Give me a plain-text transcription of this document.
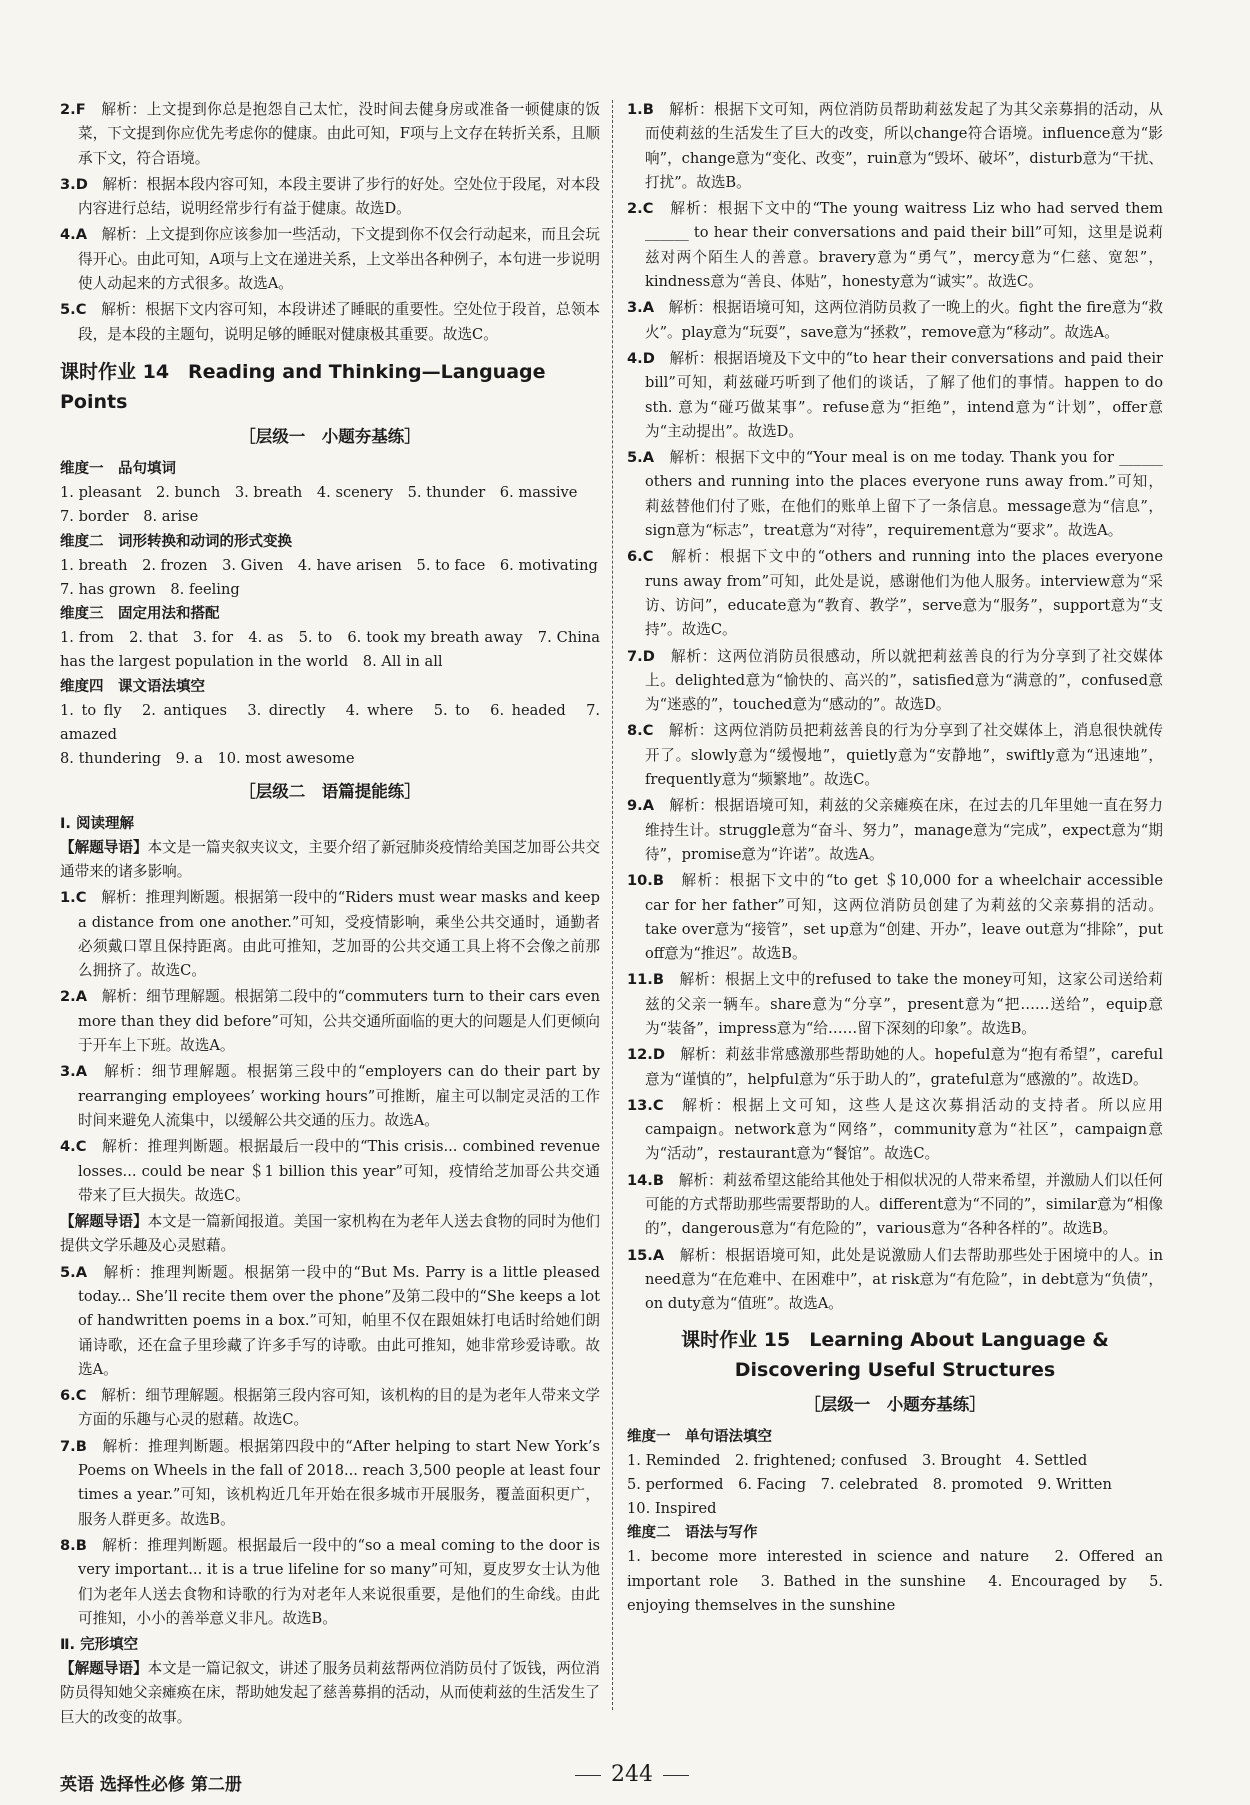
2.F　 解析：上文提到你总是抱怨自己太忙，没时间去健身房或准备一顿健康的饭菜，下文提到你应优先考虑你的健康。由此可知，F项与上文存在转折关系，且顺承下文，符合语境。
3.D　 解析：根据本段内容可知，本段主要讲了步行的好处。空处位于段尾，对本段内容进行总结，说明经常步行有益于健康。故选D。
4.A　 解析：上文提到你应该参加一些活动，下文提到你不仅会行动起来，而且会玩得开心。由此可知，A项与上文在递进关系，上文举出各种例子，本句进一步说明使人动起来的方式很多。故选A。
5.C　 解析：根据下文内容可知，本段讲述了睡眠的重要性。空处位于段首，总领本段，是本段的主题句，说明足够的睡眠对健康极其重要。故选C。
课时作业 14　Reading and Thinking—Language Points
［层级一　小题夯基练］
维度一　品句填词
1. pleasant　2. bunch　3. breath　4. scenery　5. thunder　6. massive
7. border　8. arise
维度二　词形转换和动词的形式变换
1. breath　2. frozen　3. Given　4. have arisen　5. to face　6. motivating
7. has grown　8. feeling
维度三　固定用法和搭配
1. from　2. that　3. for　4. as　5. to　6. took my breath away　7. China has the largest population in the world　8. All in all
维度四　课文语法填空
1. to fly　2. antiques　3. directly　4. where　5. to　6. headed　7. amazed
8. thundering　9. a　10. most awesome
［层级二　语篇提能练］
Ⅰ. 阅读理解
【解题导语】本文是一篇夹叙夹议文，主要介绍了新冠肺炎疫情给美国芝加哥公共交通带来的诸多影响。
1.C　 解析：推理判断题。根据第一段中的“Riders must wear masks and keep a distance from one another.”可知，受疫情影响，乘坐公共交通时，通勤者必须戴口罩且保持距离。由此可推知，芝加哥的公共交通工具上将不会像之前那么拥挤了。故选C。
2.A　 解析：细节理解题。根据第二段中的“commuters turn to their cars even more than they did before”可知，公共交通所面临的更大的问题是人们更倾向于开车上下班。故选A。
3.A　 解析：细节理解题。根据第三段中的“employers can do their part by rearranging employees’ working hours”可推断，雇主可以制定灵活的工作时间来避免人流集中，以缓解公共交通的压力。故选A。
4.C　 解析：推理判断题。根据最后一段中的“This crisis... combined revenue losses... could be near ＄1 billion this year”可知，疫情给芝加哥公共交通带来了巨大损失。故选C。
【解题导语】本文是一篇新闻报道。美国一家机构在为老年人送去食物的同时为他们提供文学乐趣及心灵慰藉。
5.A　 解析：推理判断题。根据第一段中的“But Ms. Parry is a little pleased today... She’ll recite them over the phone”及第二段中的“She keeps a lot of handwritten poems in a box.”可知，帕里不仅在跟姐妹打电话时给她们朗诵诗歌，还在盒子里珍藏了许多手写的诗歌。由此可推知，她非常珍爱诗歌。故选A。
6.C　 解析：细节理解题。根据第三段内容可知，该机构的目的是为老年人带来文学方面的乐趣与心灵的慰藉。故选C。
7.B　 解析：推理判断题。根据第四段中的“After helping to start New York’s Poems on Wheels in the fall of 2018... reach 3,500 people at least four times a year.”可知，该机构近几年开始在很多城市开展服务，覆盖面积更广，服务人群更多。故选B。
8.B　 解析：推理判断题。根据最后一段中的“so a meal coming to the door is very important... it is a true lifeline for so many”可知，夏皮罗女士认为他们为老年人送去食物和诗歌的行为对老年人来说很重要，是他们的生命线。由此可推知，小小的善举意义非凡。故选B。
Ⅱ. 完形填空
【解题导语】本文是一篇记叙文，讲述了服务员莉兹帮两位消防员付了饭钱，两位消防员得知她父亲瘫痪在床，帮助她发起了慈善募捐的活动，从而使莉兹的生活发生了巨大的改变的故事。
1.B　 解析：根据下文可知，两位消防员帮助莉兹发起了为其父亲募捐的活动，从而使莉兹的生活发生了巨大的改变，所以change符合语境。influence意为“影响”，change意为“变化、改变”，ruin意为“毁坏、破坏”，disturb意为“干扰、打扰”。故选B。
2.C　 解析：根据下文中的“The young waitress Liz who had served them ______ to hear their conversations and paid their bill”可知，这里是说莉兹对两个陌生人的善意。bravery意为“勇气”，mercy意为“仁慈、宽恕”，kindness意为“善良、体贴”，honesty意为“诚实”。故选C。
3.A　 解析：根据语境可知，这两位消防员救了一晚上的火。fight the fire意为“救火”。play意为“玩耍”，save意为“拯救”，remove意为“移动”。故选A。
4.D　 解析：根据语境及下文中的“to hear their conversations and paid their bill”可知，莉兹碰巧听到了他们的谈话，了解了他们的事情。happen to do sth. 意为“碰巧做某事”。refuse意为“拒绝”，intend意为“计划”，offer意为“主动提出”。故选D。
5.A　 解析：根据下文中的“Your meal is on me today. Thank you for ______ others and running into the places everyone runs away from.”可知，莉兹替他们付了账，在他们的账单上留下了一条信息。message意为“信息”，sign意为“标志”，treat意为“对待”，requirement意为“要求”。故选A。
6.C　 解析：根据下文中的“others and running into the places everyone runs away from”可知，此处是说，感谢他们为他人服务。interview意为“采访、访问”，educate意为“教育、教学”，serve意为“服务”，support意为“支持”。故选C。
7.D　 解析：这两位消防员很感动，所以就把莉兹善良的行为分享到了社交媒体上。delighted意为“愉快的、高兴的”，satisfied意为“满意的”，confused意为“迷惑的”，touched意为“感动的”。故选D。
8.C　 解析：这两位消防员把莉兹善良的行为分享到了社交媒体上，消息很快就传开了。slowly意为“缓慢地”，quietly意为“安静地”，swiftly意为“迅速地”，frequently意为“频繁地”。故选C。
9.A　 解析：根据语境可知，莉兹的父亲瘫痪在床，在过去的几年里她一直在努力维持生计。struggle意为“奋斗、努力”，manage意为“完成”，expect意为“期待”，promise意为“许诺”。故选A。
10.B　 解析：根据下文中的“to get ＄10,000 for a wheelchair accessible car for her father”可知，这两位消防员创建了为莉兹的父亲募捐的活动。take over意为“接管”，set up意为“创建、开办”，leave out意为“排除”，put off意为“推迟”。故选B。
11.B　 解析：根据上文中的refused to take the money可知，这家公司送给莉兹的父亲一辆车。share意为“分享”，present意为“把……送给”，equip意为“装备”，impress意为“给……留下深刻的印象”。故选B。
12.D　 解析：莉兹非常感激那些帮助她的人。hopeful意为“抱有希望”，careful意为“谨慎的”，helpful意为“乐于助人的”，grateful意为“感激的”。故选D。
13.C　 解析：根据上文可知，这些人是这次募捐活动的支持者。所以应用campaign。network意为“网络”，community意为“社区”，campaign意为“活动”，restaurant意为“餐馆”。故选C。
14.B　 解析：莉兹希望这能给其他处于相似状况的人带来希望，并激励人们以任何可能的方式帮助那些需要帮助的人。different意为“不同的”，similar意为“相像的”，dangerous意为“有危险的”，various意为“各种各样的”。故选B。
15.A　 解析：根据语境可知，此处是说激励人们去帮助那些处于困境中的人。in need意为“在危难中、在困难中”，at risk意为“有危险”，in debt意为“负债”，on duty意为“值班”。故选A。
课时作业 15　Learning About Language &
Discovering Useful Structures
［层级一　小题夯基练］
维度一　单句语法填空
1. Reminded　2. frightened; confused　3. Brought　4. Settled
5. performed　6. Facing　7. celebrated　8. promoted　9. Written
10. Inspired
维度二　语法与写作
1. become more interested in science and nature　2. Offered an important role　3. Bathed in the sunshine　4. Encouraged by　5. enjoying themselves in the sunshine
英语 选择性必修 第二册	244
